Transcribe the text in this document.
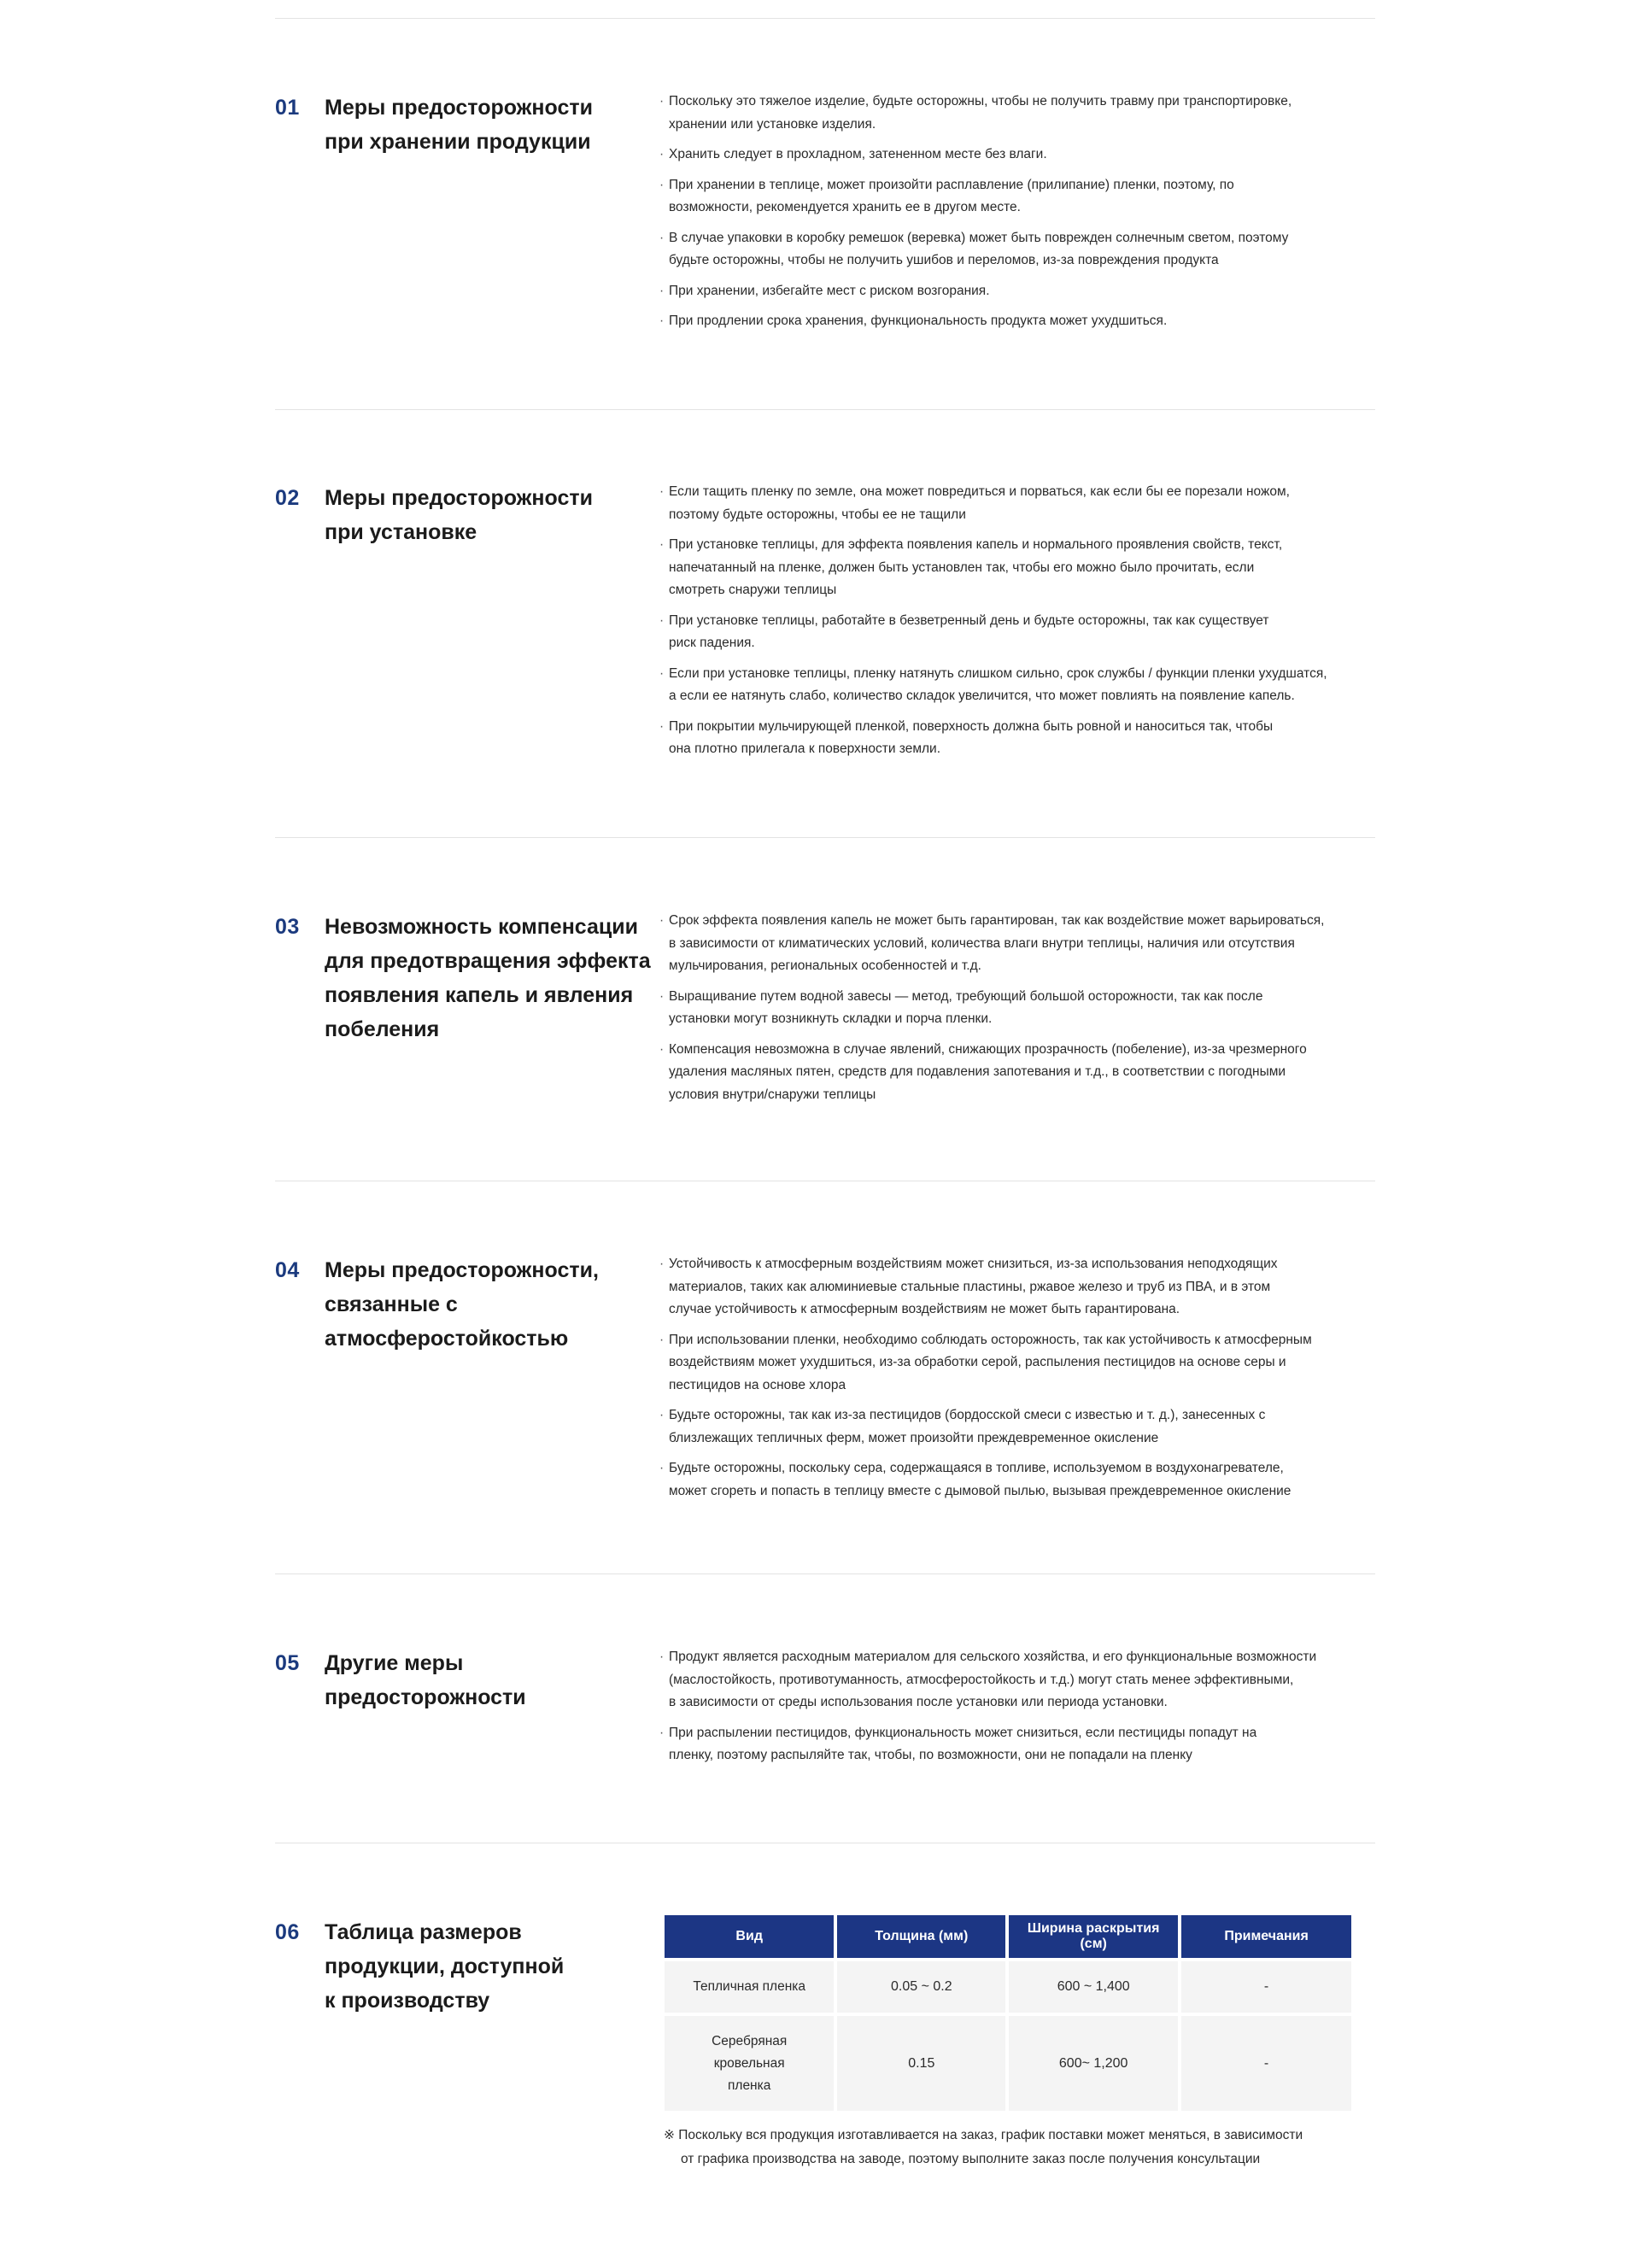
01 Меры предосторожности
при хранении продукции
· Поскольку это тяжелое изделие, будьте осторожны, чтобы не получить травму при транспортировке,
хранении или установке изделия.
· Хранить следует в прохладном, затененном месте без влаги.
· При хранении в теплице, может произойти расплавление (прилипание) пленки, поэтому, по
возможности, рекомендуется хранить ее в другом месте.
· В случае упаковки в коробку ремешок (веревка) может быть поврежден солнечным светом, поэтому
будьте осторожны, чтобы не получить ушибов и переломов, из-за повреждения продукта
· При хранении, избегайте мест с риском возгорания.
· При продлении срока хранения, функциональность продукта может ухудшиться.
02 Меры предосторожности
при установке
· Если тащить пленку по земле, она может повредиться и порваться, как если бы ее порезали ножом,
поэтому будьте осторожны, чтобы ее не тащили
· При установке теплицы, для эффекта появления капель и нормального проявления свойств, текст,
напечатанный на пленке, должен быть установлен так, чтобы его можно было прочитать, если
смотреть снаружи теплицы
· При установке теплицы, работайте в безветренный день и будьте осторожны, так как существует
риск падения.
· Если при установке теплицы, пленку натянуть слишком сильно, срок службы / функции пленки ухудшатся,
а если ее натянуть слабо, количество складок увеличится, что может повлиять на появление капель.
· При покрытии мульчирующей пленкой, поверхность должна быть ровной и наноситься так, чтобы
она плотно прилегала к поверхности земли.
03 Невозможность компенсации
для предотвращения эффекта
появления капель и явления
побеления
· Срок эффекта появления капель не может быть гарантирован, так как воздействие может варьироваться,
в зависимости от климатических условий, количества влаги внутри теплицы, наличия или отсутствия
мульчирования, региональных особенностей и т.д.
· Выращивание путем водной завесы — метод, требующий большой осторожности, так как после
установки могут возникнуть складки и порча пленки.
· Компенсация невозможна в случае явлений, снижающих прозрачность (побеление), из-за чрезмерного
удаления масляных пятен, средств для подавления запотевания и т.д., в соответствии с погодными
условия внутри/снаружи теплицы
04 Меры предосторожности,
связанные с
атмосферостойкостью
· Устойчивость к атмосферным воздействиям может снизиться, из-за использования неподходящих
материалов, таких как алюминиевые стальные пластины, ржавое железо и труб из ПВА, и в этом
случае устойчивость к атмосферным воздействиям не может быть гарантирована.
· При использовании пленки, необходимо соблюдать осторожность, так как устойчивость к атмосферным
воздействиям может ухудшиться, из-за обработки серой, распыления пестицидов на основе серы и
пестицидов на основе хлора
· Будьте осторожны, так как из-за пестицидов (бордосской смеси с известью и т. д.), занесенных с
близлежащих тепличных ферм, может произойти преждевременное окисление
· Будьте осторожны, поскольку сера, содержащаяся в топливе, используемом в воздухонагревателе,
может сгореть и попасть в теплицу вместе с дымовой пылью, вызывая преждевременное окисление
05 Другие меры
предосторожности
· Продукт является расходным материалом для сельского хозяйства, и его функциональные возможности
(маслостойкость, противотуманность, атмосферостойкость и т.д.) могут стать менее эффективными,
в зависимости от среды использования после установки или периода установки.
· При распылении пестицидов, функциональность может снизиться, если пестициды попадут на
пленку, поэтому распыляйте так, чтобы, по возможности, они не попадали на пленку
06 Таблица размеров
продукции, доступной
к производству
Вид	Толщина (мм)	Ширина раскрытия (см)	Примечания

Тепличная пленка	0.05 ~ 0.2	600 ~ 1,400	-

Серебряная
кровельная
пленка	0.15	600~ 1,200	-
※ Поскольку вся продукция изготавливается на заказ, график поставки может меняться, в зависимости
от графика производства на заводе, поэтому выполните заказ после получения консультации
